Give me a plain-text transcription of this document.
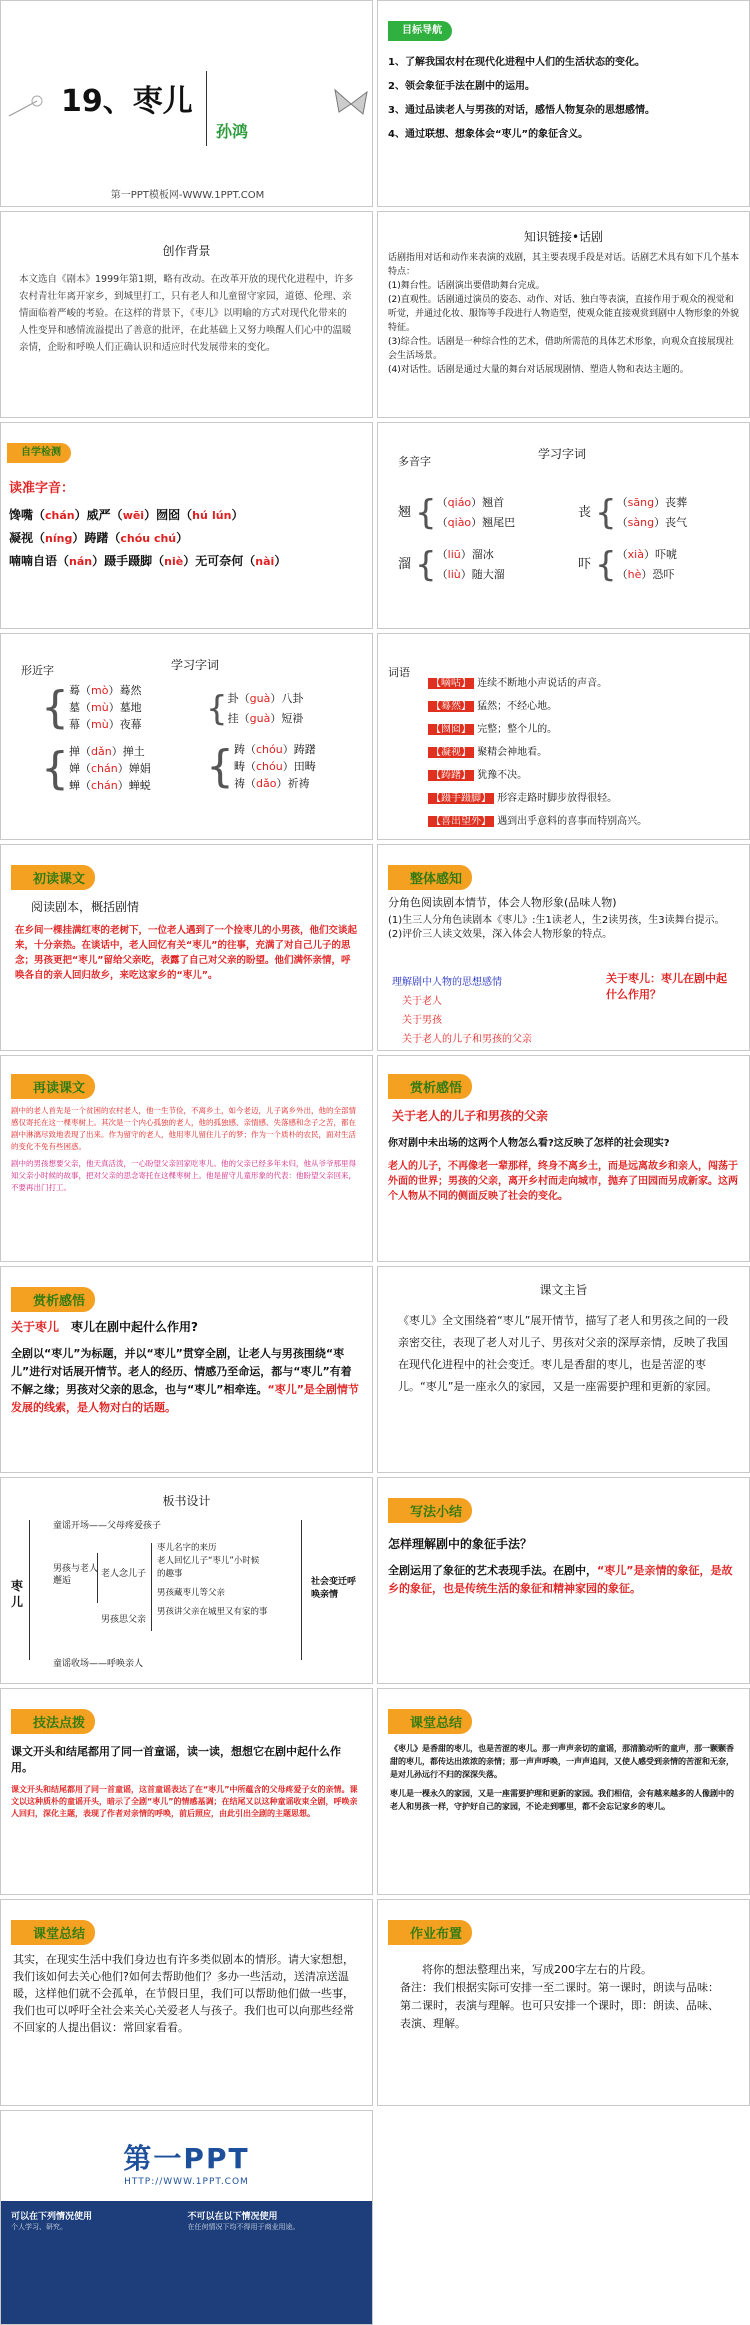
19、枣儿
孙鸿
第一PPT模板网-WWW.1PPT.COM
目标导航

1、了解我国农村在现代化进程中人们的生活状态的变化。

2、领会象征手法在剧中的运用。

3、通过品读老人与男孩的对话，感悟人物复杂的思想感情。

4、通过联想、想象体会“枣儿”的象征含义。

创作背景

本文选自《剧本》1999年第1期，略有改动。在改革开放的现代化进程中，许多农村青壮年离开家乡，到城里打工，只有老人和儿童留守家园，道德、伦理、亲情面临着严峻的考验。在这样的背景下，《枣儿》以明喻的方式对现代化带来的人性变异和感情流溢提出了善意的批评，在此基础上又努力唤醒人们心中的温暖亲情，企盼和呼唤人们正确认识和适应时代发展带来的变化。

知识链接•话剧

话剧指用对话和动作来表演的戏剧，其主要表现手段是对话。话剧艺术具有如下几个基本特点：

(1)舞台性。话剧演出要借助舞台完成。

(2)直观性。话剧通过演员的姿态、动作、对话、独白等表演，直接作用于观众的视觉和听觉，并通过化妆、服饰等手段进行人物造型，使观众能直接观赏到剧中人物形象的外貌特征。

(3)综合性。话剧是一种综合性的艺术，借助所需范的具体艺术形象，向观众直接展现社会生活场景。

(4)对话性。话剧是通过大量的舞台对话展现剧情、塑造人物和表达主题的。

自学检测
读准字音：

馋嘴（chán）威严（wēi）囫囵（hú lún）

凝视（níng）踌躇（chóu chú）

喃喃自语（nán）蹑手蹑脚（niè）无可奈何（nài）

多音字
学习字词
翘 { （qiáo）翘首

（qiào）翘尾巴

溜 { （liū）溜冰

（liù）随大溜

丧 { （sāng）丧葬

（sàng）丧气

吓 { （xià）吓唬

（hè）恐吓

形近字	学习字词
{ 蓦（mò）蓦然

墓（mù）墓地

幕（mù）夜幕

{ 掸（dǎn）掸土

婵（chán）婵娟

蝉（chán）蝉蜕

{ 卦（guà）八卦

挂（guà）短褂

{ 踌（chóu）踌躇

畴（chóu）田畴

祷（dǎo）祈祷

词语

【嘀咕】 连续不断地小声说话的声音。

【蓦然】 猛然；不经心地。

【囫囵】 完整；整个儿的。

【凝视】 聚精会神地看。

【踌躇】 犹豫不决。

【蹑手蹑脚】 形容走路时脚步放得很轻。

【喜出望外】 遇到出乎意料的喜事而特别高兴。

初读课文
阅读剧本，概括剧情

在乡间一棵挂满红枣的老树下，一位老人遇到了一个捡枣儿的小男孩，他们交谈起来，十分亲热。在谈话中，老人回忆有关“枣儿”的往事，充满了对自己儿子的思念；男孩更把“枣儿”留给父亲吃，表露了自己对父亲的盼望。他们满怀亲情，呼唤各自的亲人回归故乡，来吃这家乡的“枣儿”。

整体感知

分角色阅读剧本情节，体会人物形象(品味人物)

(1)生三人分角色读剧本《枣儿》:生1读老人，生2读男孩，生3读舞台提示。

(2)评价三人读文效果，深入体会人物形象的特点。

理解剧中人物的思想感情

关于老人

关于男孩

关于老人的儿子和男孩的父亲

关于枣儿：枣儿在剧中起什么作用？

再读课文

剧中的老人首先是一个贫困的农村老人，他一生节俭，不离乡土，如今老迈，儿子离乡外出，他的全部情感仅寄托在这一棵枣树上。其次是一个内心孤独的老人，他的孤独感、亲情感、失落感和念子之苦，都在剧中淋漓尽致地表现了出来。作为留守的老人，他用枣儿留住儿子的梦；作为一个质朴的农民，面对生活的变化不免有些困惑。

剧中的男孩想要父亲，他天真活泼，一心盼望父亲回家吃枣儿。他的父亲已经多年未归，他从爷爷那里得知父亲小时候的故事，把对父亲的思念寄托在这棵枣树上。他是留守儿童形象的代表：他盼望父亲回来，不要再出门打工。

赏析感悟
关于老人的儿子和男孩的父亲

你对剧中未出场的这两个人物怎么看?这反映了怎样的社会现实?

老人的儿子，不再像老一辈那样，终身不离乡土，而是远离故乡和亲人，闯荡于外面的世界；男孩的父亲，离开乡村而走向城市，抛弃了田园而另成新家。这两个人物从不同的侧面反映了社会的变化。

赏析感悟

关于枣儿　 枣儿在剧中起什么作用?

全剧以“枣儿”为标题，并以“枣儿”贯穿全剧，让老人与男孩围绕“枣儿”进行对话展开情节。老人的经历、情感乃至命运，都与“枣儿”有着不解之缘；男孩对父亲的思念，也与“枣儿”相牵连。“枣儿”是全剧情节发展的线索，是人物对白的话题。

课文主旨

《枣儿》全文围绕着“枣儿”展开情节，描写了老人和男孩之间的一段亲密交往，表现了老人对儿子、男孩对父亲的深厚亲情，反映了我国在现代化进程中的社会变迁。枣儿是香甜的枣儿，也是苦涩的枣儿。“枣儿”是一座永久的家园，又是一座需要护理和更新的家园。

板书设计
枣儿
童谣开场——父母疼爱孩子
男孩与老人邂逅
老人念儿子
男孩思父亲

枣儿名字的来历

老人回忆儿子“枣儿”小时候的趣事

男孩藏枣儿等父亲

男孩讲父亲在城里又有家的事

社会变迁呼唤亲情
童谣收场——呼唤亲人
写法小结

怎样理解剧中的象征手法？

全剧运用了象征的艺术表现手法。在剧中，“枣儿”是亲情的象征，是故乡的象征，也是传统生活的象征和精神家园的象征。

技法点拨

课文开头和结尾都用了同一首童谣，读一读，想想它在剧中起什么作用。

课文开头和结尾都用了同一首童谣，这首童谣表达了在“枣儿”中所蕴含的父母疼爱子女的亲情。课文以这种质朴的童谣开头，暗示了全剧“枣儿”的情感基调；在结尾又以这种童谣收束全剧，呼唤亲人回归，深化主题，表现了作者对亲情的呼唤，前后照应，由此引出全剧的主题思想。

课堂总结

《枣儿》是香甜的枣儿，也是苦涩的枣儿。那一声声亲切的童谣，那清脆动听的童声，那一颗颗香甜的枣儿，都传达出浓浓的亲情；那一声声呼唤，一声声追问，又使人感受到亲情的苦涩和无奈，是对儿孙远行不归的深深失落。

枣儿是一棵永久的家园，又是一座需要护理和更新的家园。我们相信，会有越来越多的人像剧中的老人和男孩一样，守护好自己的家园，不论走到哪里，都不会忘记家乡的枣儿。

课堂总结

其实，在现实生活中我们身边也有许多类似剧本的情形。请大家想想，我们该如何去关心他们?如何去帮助他们？多办一些活动，送清凉送温暖，这样他们就不会孤单，在节假日里，我们可以帮助他们做一些事，我们也可以呼吁全社会来关心关爱老人与孩子。我们也可以向那些经常不回家的人提出倡议：常回家看看。

作业布置

将你的想法整理出来，写成200字左右的片段。

备注：我们根据实际可安排一至二课时。第一课时，朗读与品味：第二课时，表演与理解。也可只安排一个课时，即：朗读、品味、表演、理解。

第一PPT
HTTP://WWW.1PPT.COM

可以在下列情况使用

个人学习、研究。

不可以在以下情况使用

在任何情况下均不得用于商业用途。
